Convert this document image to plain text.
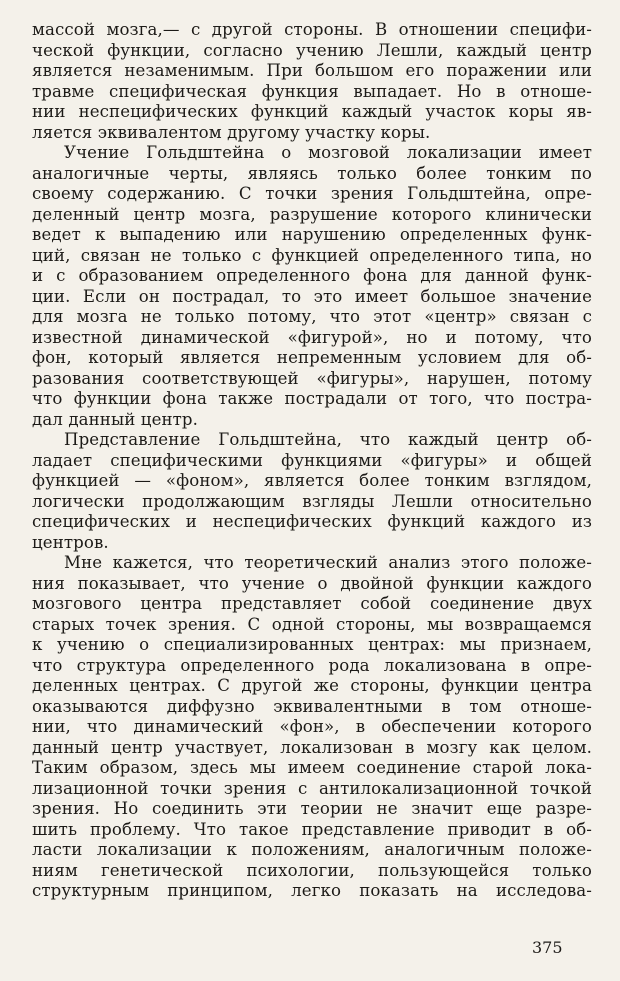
массой мозга,— с другой стороны. В отношении специфи-
ческой функции, согласно учению Лешли, каждый центр
является незаменимым. При большом его поражении или
травме специфическая функция выпадает. Но в отноше-
нии неспецифических функций каждый участок коры яв-
ляется эквивалентом другому участку коры.
Учение Гольдштейна о мозговой локализации имеет
аналогичные черты, являясь только более тонким по
своему содержанию. С точки зрения Гольдштейна, опре-
деленный центр мозга, разрушение которого клинически
ведет к выпадению или нарушению определенных функ-
ций, связан не только с функцией определенного типа, но
и с образованием определенного фона для данной функ-
ции. Если он пострадал, то это имеет большое значение
для мозга не только потому, что этот «центр» связан с
известной динамической «фигурой», но и потому, что
фон, который является непременным условием для об-
разования соответствующей «фигуры», нарушен, потому
что функции фона также пострадали от того, что постра-
дал данный центр.
Представление Гольдштейна, что каждый центр об-
ладает специфическими функциями «фигуры» и общей
функцией — «фоном», является более тонким взглядом,
логически продолжающим взгляды Лешли относительно
специфических и неспецифических функций каждого из
центров.
Мне кажется, что теоретический анализ этого положе-
ния показывает, что учение о двойной функции каждого
мозгового центра представляет собой соединение двух
старых точек зрения. С одной стороны, мы возвращаемся
к учению о специализированных центрах: мы признаем,
что структура определенного рода локализована в опре-
деленных центрах. С другой же стороны, функции центра
оказываются диффузно эквивалентными в том отноше-
нии, что динамический «фон», в обеспечении которого
данный центр участвует, локализован в мозгу как целом.
Таким образом, здесь мы имеем соединение старой лока-
лизационной точки зрения с антилокализационной точкой
зрения. Но соединить эти теории не значит еще разре-
шить проблему. Что такое представление приводит в об-
ласти локализации к положениям, аналогичным положе-
ниям генетической психологии, пользующейся только
структурным принципом, легко показать на исследова-
375
